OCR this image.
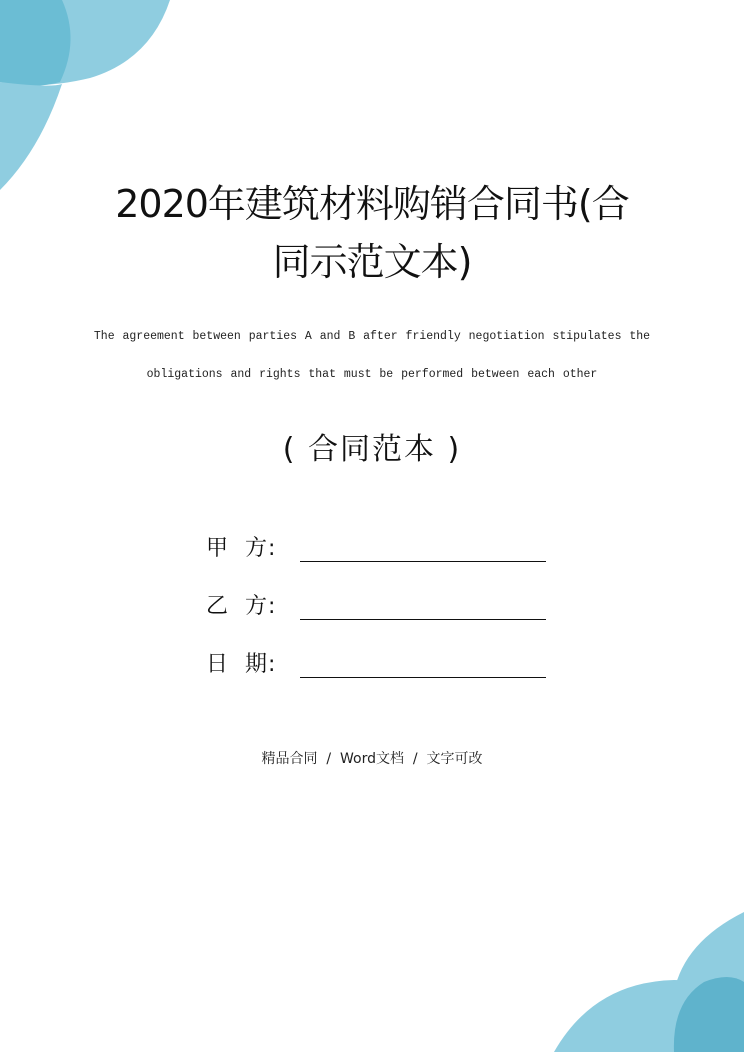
2020年建筑材料购销合同书(合
同示范文本)
The agreement between parties A and B after friendly negotiation stipulates the
obligations and rights that must be performed between each other
( 合同范本 )
甲  方:
乙  方:
日  期:
精品合同  /  Word文档  /  文字可改
